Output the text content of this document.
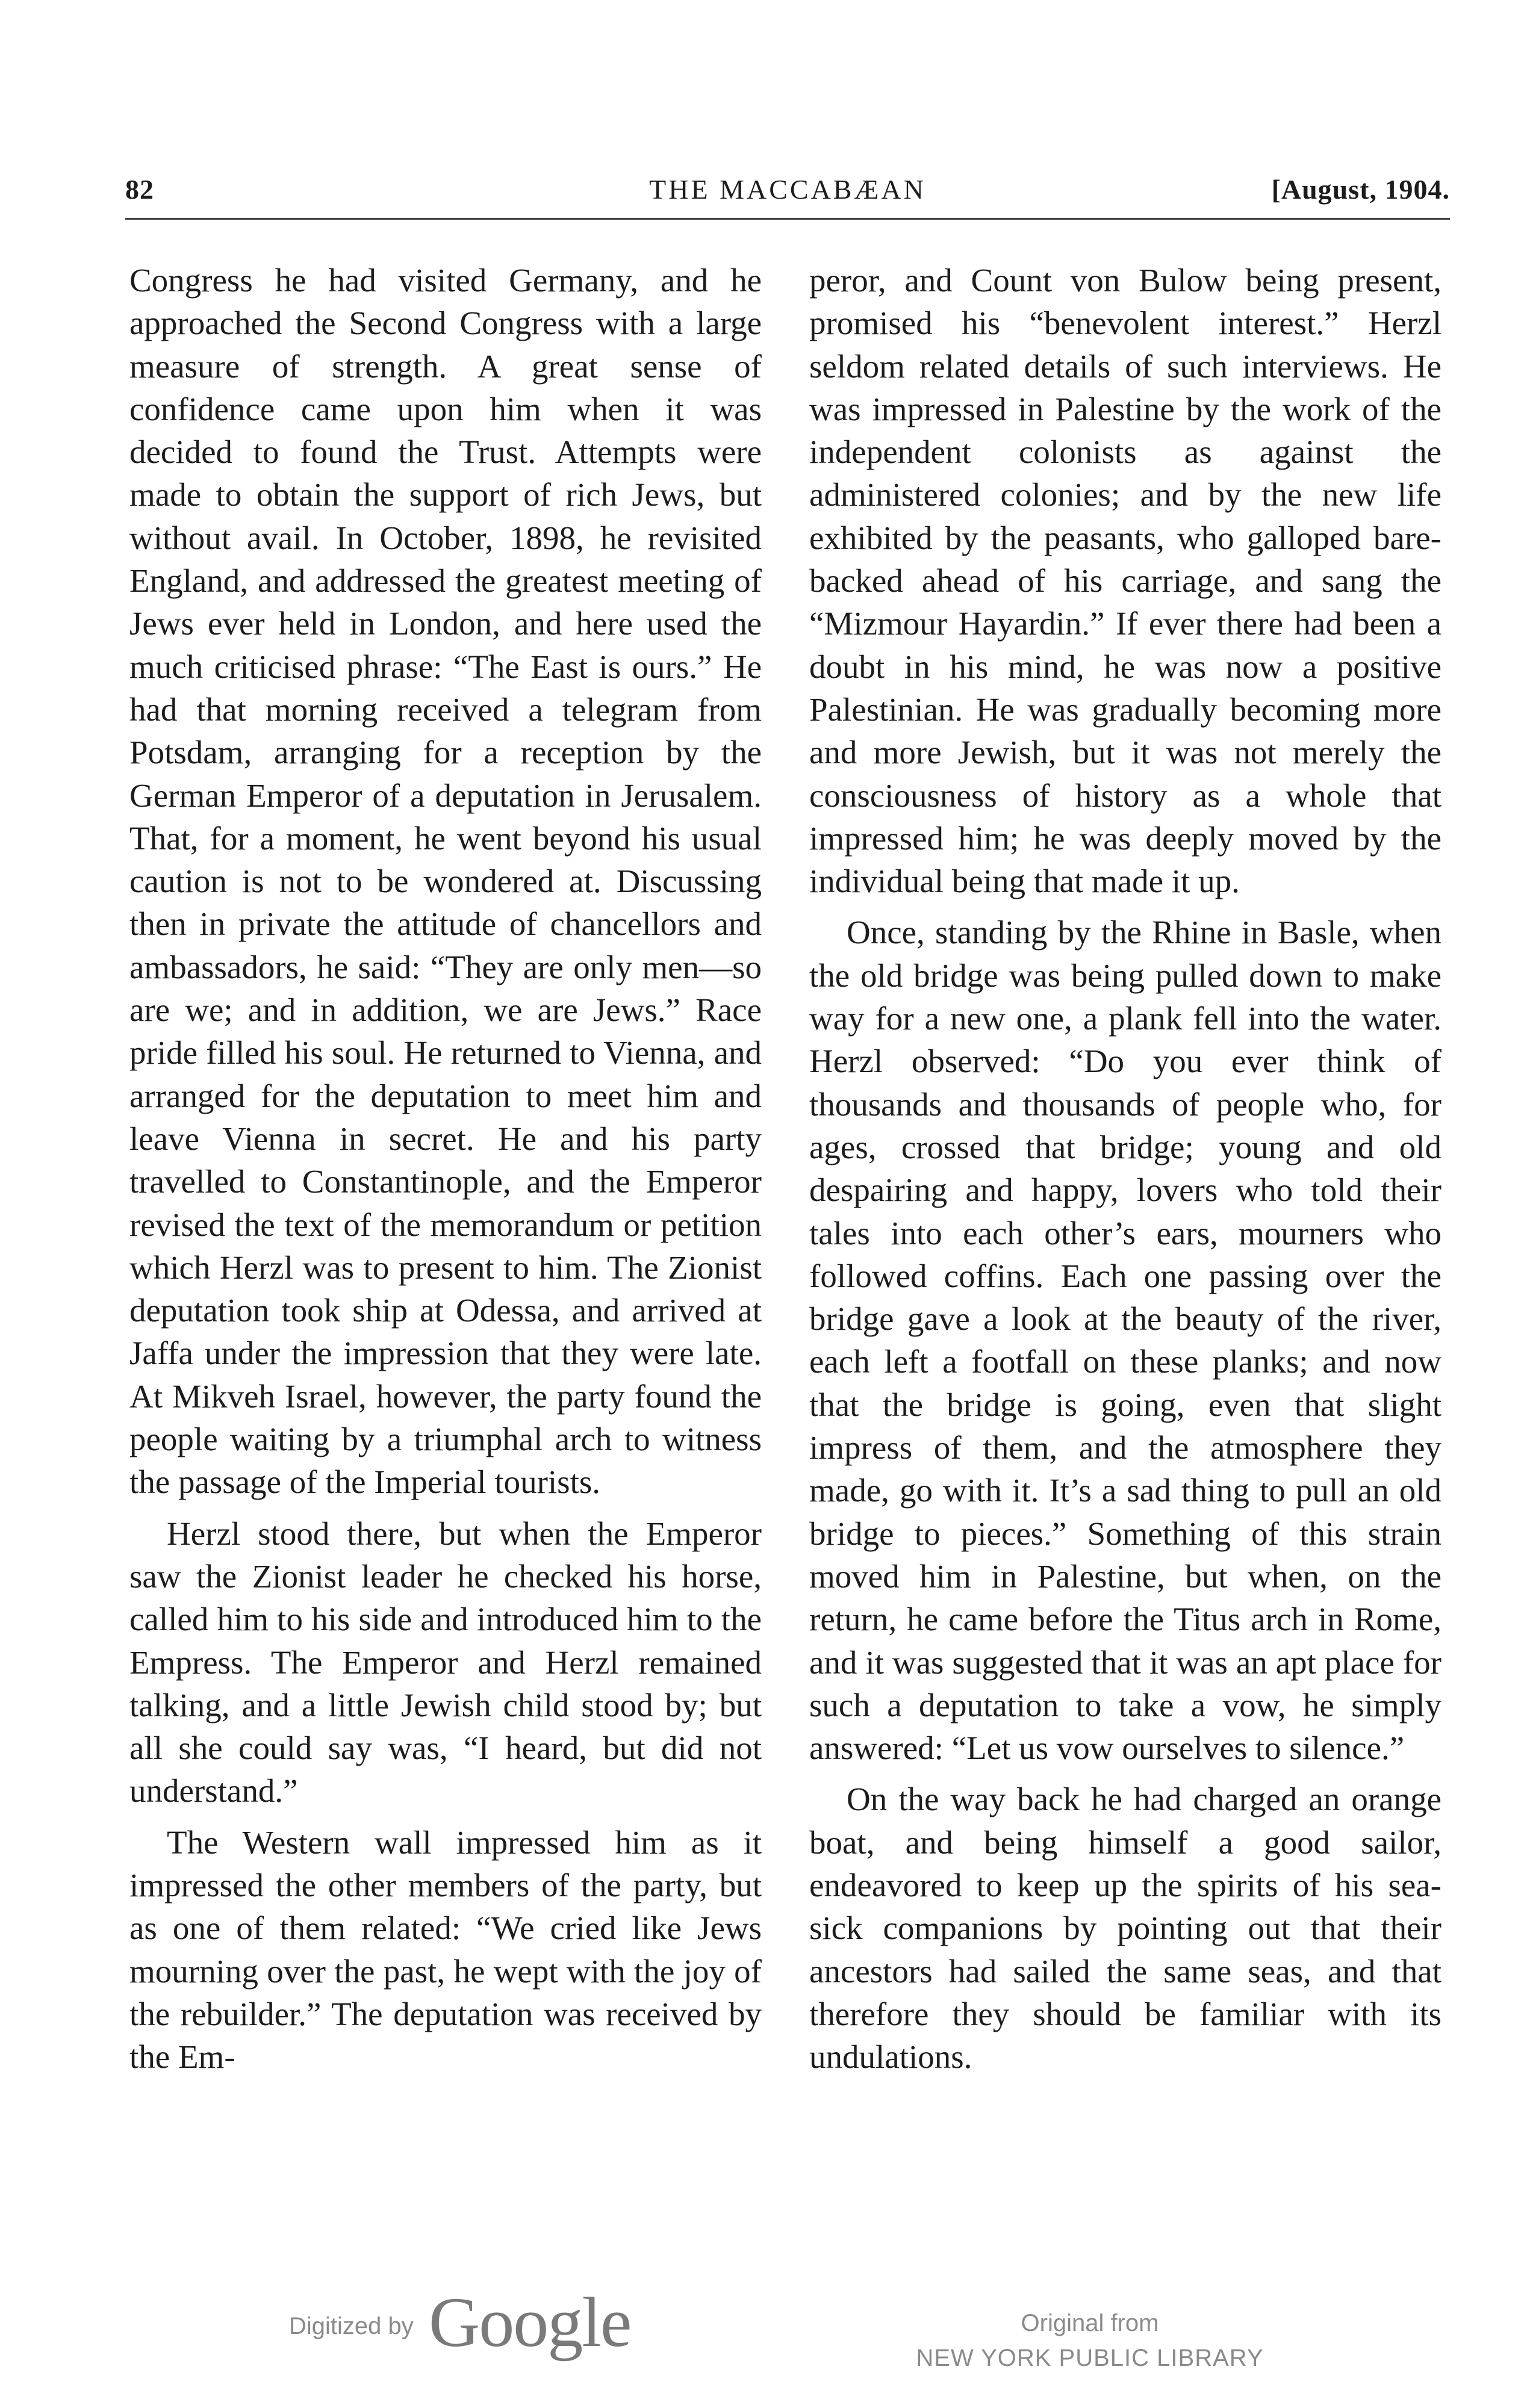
82	THE MACCABÆAN	[August, 1904.

Congress he had visited Germany, and he approached the Second Congress with a large measure of strength. A great sense of confidence came upon him when it was decided to found the Trust. Attempts were made to obtain the support of rich Jews, but without avail. In October, 1898, he revisited England, and addressed the greatest meeting of Jews ever held in London, and here used the much criticised phrase: “The East is ours.” He had that morning received a telegram from Potsdam, arranging for a reception by the German Emperor of a deputation in Jerusalem. That, for a moment, he went beyond his usual caution is not to be wondered at. Discussing then in private the attitude of chancellors and ambassadors, he said: “They are only men—so are we; and in addition, we are Jews.” Race pride filled his soul. He returned to Vienna, and arranged for the deputation to meet him and leave Vienna in secret. He and his party travelled to Constantinople, and the Emperor revised the text of the memorandum or petition which Herzl was to present to him. The Zionist deputation took ship at Odessa, and arrived at Jaffa under the impression that they were late. At Mikveh Israel, however, the party found the people waiting by a triumphal arch to witness the passage of the Imperial tourists.

Herzl stood there, but when the Emperor saw the Zionist leader he checked his horse, called him to his side and introduced him to the Empress. The Emperor and Herzl remained talking, and a little Jewish child stood by; but all she could say was, “I heard, but did not understand.”

The Western wall impressed him as it impressed the other members of the party, but as one of them related: “We cried like Jews mourning over the past, he wept with the joy of the rebuilder.” The deputation was received by the Em-

peror, and Count von Bulow being present, promised his “benevolent interest.” Herzl seldom related details of such interviews. He was impressed in Palestine by the work of the independent colonists as against the administered colonies; and by the new life exhibited by the peasants, who galloped bare-backed ahead of his carriage, and sang the “Mizmour Hayardin.” If ever there had been a doubt in his mind, he was now a positive Palestinian. He was gradually becoming more and more Jewish, but it was not merely the consciousness of history as a whole that impressed him; he was deeply moved by the individual being that made it up.

Once, standing by the Rhine in Basle, when the old bridge was being pulled down to make way for a new one, a plank fell into the water. Herzl observed: “Do you ever think of thousands and thousands of people who, for ages, crossed that bridge; young and old despairing and happy, lovers who told their tales into each other’s ears, mourners who followed coffins. Each one passing over the bridge gave a look at the beauty of the river, each left a footfall on these planks; and now that the bridge is going, even that slight impress of them, and the atmosphere they made, go with it. It’s a sad thing to pull an old bridge to pieces.” Something of this strain moved him in Palestine, but when, on the return, he came before the Titus arch in Rome, and it was suggested that it was an apt place for such a deputation to take a vow, he simply answered: “Let us vow ourselves to silence.”

On the way back he had charged an orange boat, and being himself a good sailor, endeavored to keep up the spirits of his sea-sick companions by pointing out that their ancestors had sailed the same seas, and that therefore they should be familiar with its undulations.

Digitized by Google	Original from
NEW YORK PUBLIC LIBRARY
